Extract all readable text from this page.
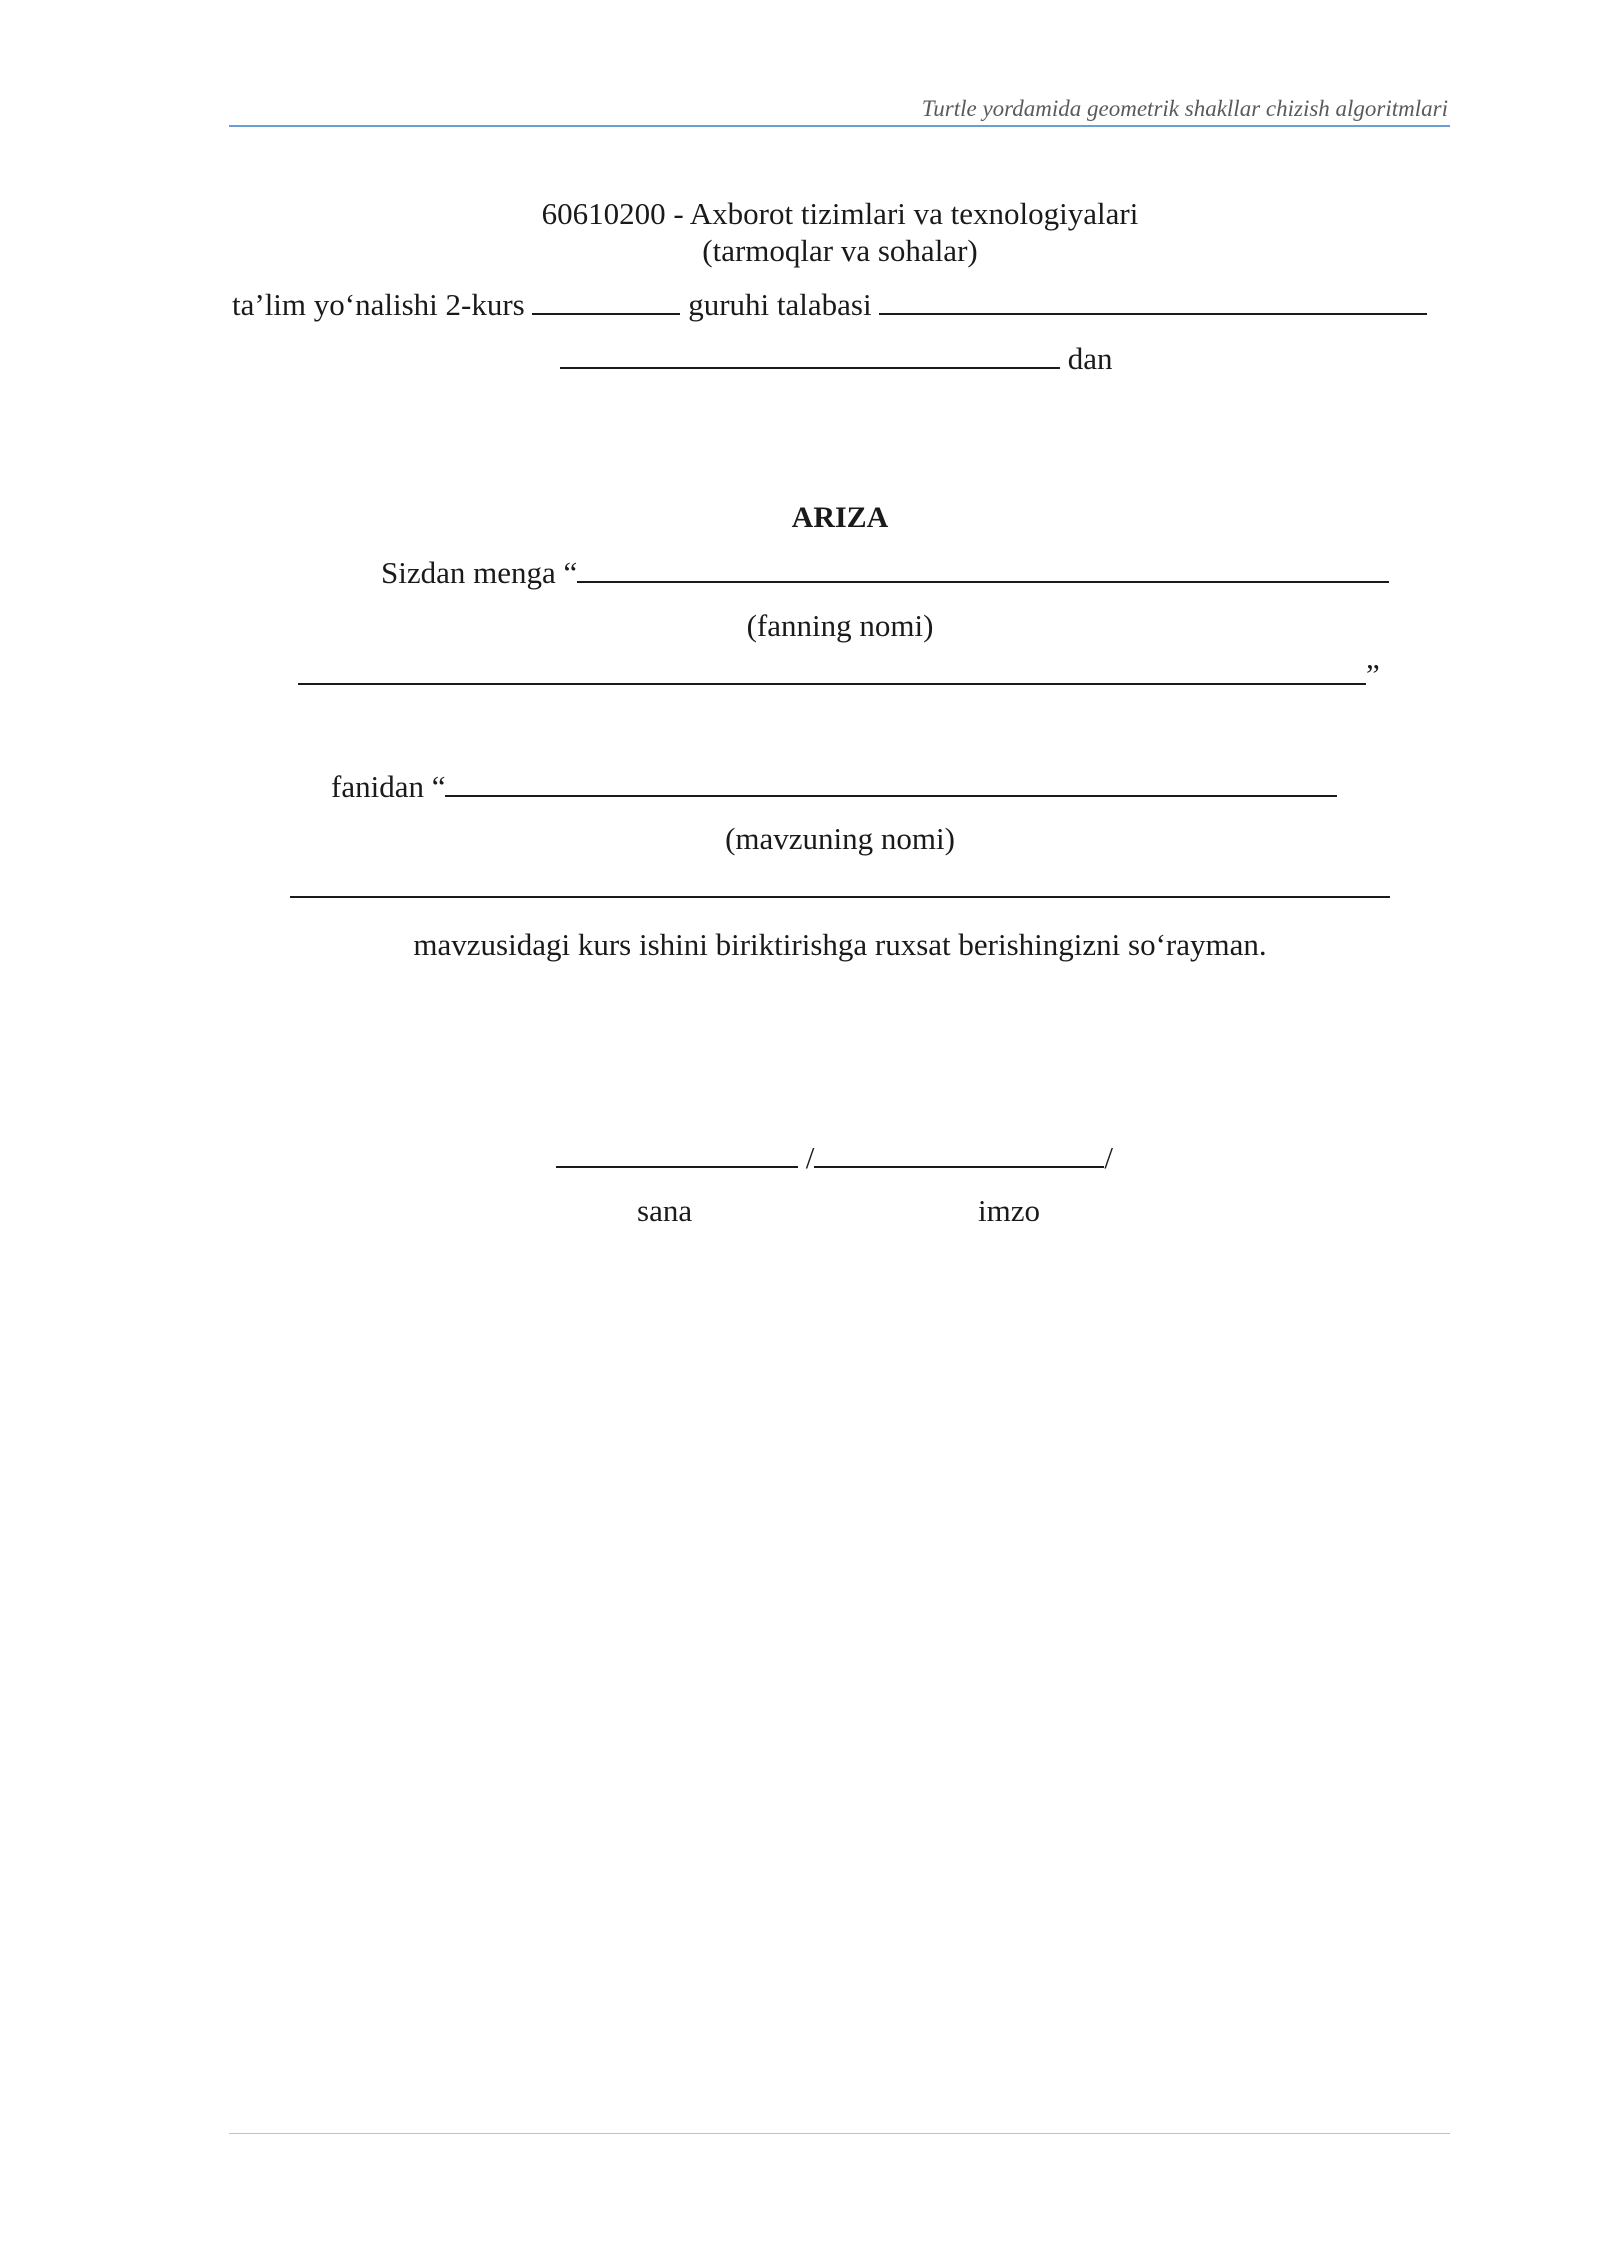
Turtle yordamida geometrik shakllar chizish algoritmlari
60610200 - Axborot tizimlari va texnologiyalari
(tarmoqlar va sohalar)
ta’lim yo‘nalishi 2-kurs	guruhi talabasi
dan
ARIZA
Sizdan menga “
(fanning nomi)
”
fanidan “
(mavzuning nomi)
mavzusidagi kurs ishini biriktirishga ruxsat berishingizni so‘rayman.
/	/
sana	imzo
